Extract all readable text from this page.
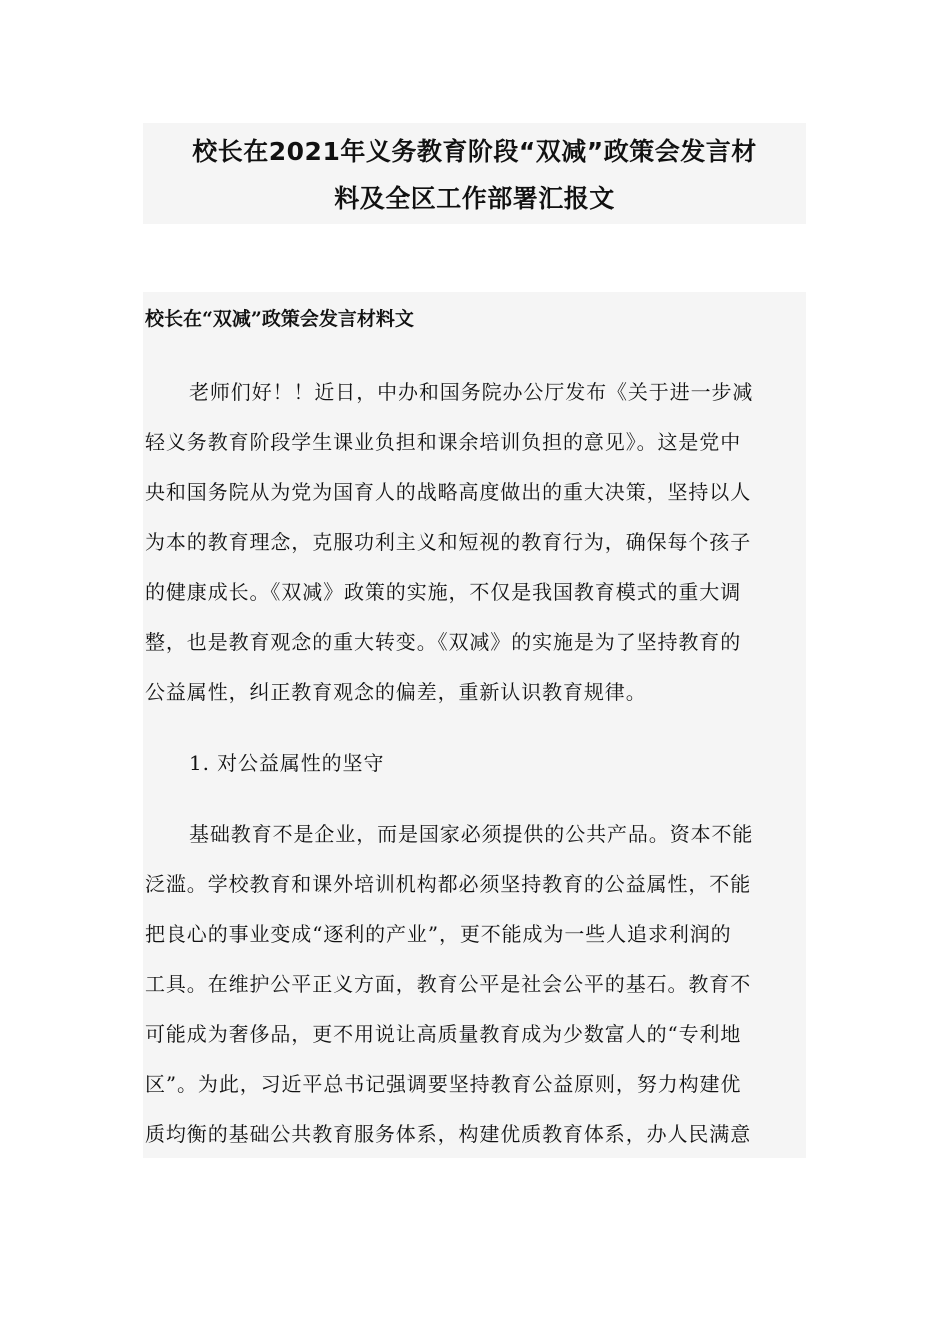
校长在2021年义务教育阶段“双减”政策会发言材
料及全区工作部署汇报文
校长在“双减”政策会发言材料文
老师们好！！近日，中办和国务院办公厅发布《关于进一步减
轻义务教育阶段学生课业负担和课余培训负担的意见》。这是党中
央和国务院从为党为国育人的战略高度做出的重大决策，坚持以人
为本的教育理念，克服功利主义和短视的教育行为，确保每个孩子
的健康成长。《双减》政策的实施，不仅是我国教育模式的重大调
整，也是教育观念的重大转变。《双减》的实施是为了坚持教育的
公益属性，纠正教育观念的偏差，重新认识教育规律。
1. 对公益属性的坚守
基础教育不是企业，而是国家必须提供的公共产品。资本不能
泛滥。学校教育和课外培训机构都必须坚持教育的公益属性，不能
把良心的事业变成“逐利的产业”，更不能成为一些人追求利润的
工具。在维护公平正义方面，教育公平是社会公平的基石。教育不
可能成为奢侈品，更不用说让高质量教育成为少数富人的“专利地
区”。为此，习近平总书记强调要坚持教育公益原则，努力构建优
质均衡的基础公共教育服务体系，构建优质教育体系，办人民满意
